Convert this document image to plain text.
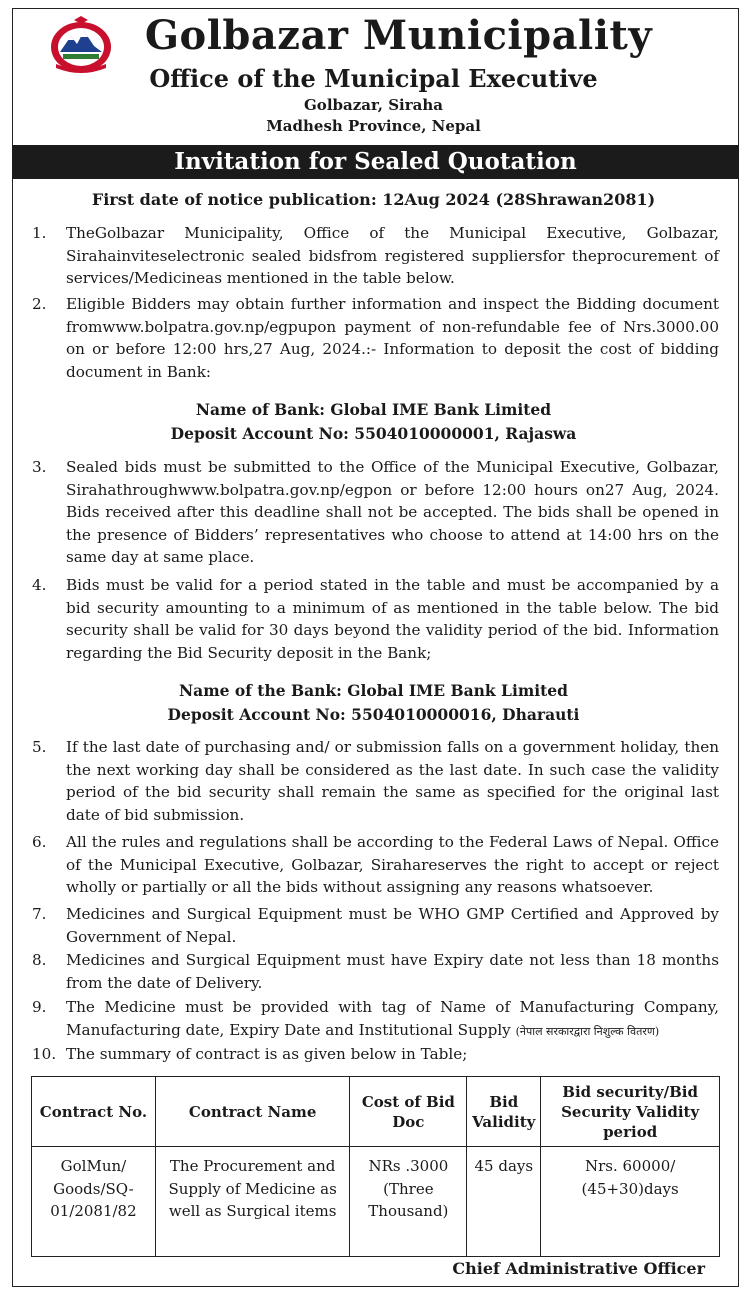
Golbazar Municipality
Office of the Municipal Executive
Golbazar, Siraha
Madhesh Province, Nepal
Invitation for Sealed Quotation
First date of notice publication: 12Aug 2024 (28Shrawan2081)
1. TheGolbazar Municipality, Office of the Municipal Executive, Golbazar, Sirahainviteselectronic sealed bidsfrom registered suppliersfor theprocurement of services/Medicineas mentioned in the table below.
2. Eligible Bidders may obtain further information and inspect the Bidding document fromwww.bolpatra.gov.np/egpupon payment of non-refundable fee of Nrs.3000.00 on or before 12:00 hrs,27 Aug, 2024.:- Information to deposit the cost of bidding document in Bank:
Name of Bank: Global IME Bank Limited
Deposit Account No: 5504010000001, Rajaswa
3. Sealed bids must be submitted to the Office of the Municipal Executive, Golbazar, Sirahathroughwww.bolpatra.gov.np/egpon or before 12:00 hours on27 Aug, 2024. Bids received after this deadline shall not be accepted. The bids shall be opened in the presence of Bidders’ representatives who choose to attend at 14:00 hrs on the same day at same place.
4. Bids must be valid for a period stated in the table and must be accompanied by a bid security amounting to a minimum of as mentioned in the table below. The bid security shall be valid for 30 days beyond the validity period of the bid. Information regarding the Bid Security deposit in the Bank;
Name of the Bank: Global IME Bank Limited
Deposit Account No: 5504010000016, Dharauti
5. If the last date of purchasing and/ or submission falls on a government holiday, then the next working day shall be considered as the last date. In such case the validity period of the bid security shall remain the same as specified for the original last date of bid submission.
6. All the rules and regulations shall be according to the Federal Laws of Nepal. Office of the Municipal Executive, Golbazar, Sirahareserves the right to accept or reject wholly or partially or all the bids without assigning any reasons whatsoever.
7. Medicines and Surgical Equipment must be WHO GMP Certified and Approved by Government of Nepal.
8. Medicines and Surgical Equipment must have Expiry date not less than 18 months from the date of Delivery.
9. The Medicine must be provided with tag of Name of Manufacturing Company, Manufacturing date, Expiry Date and Institutional Supply (नेपाल सरकारद्वारा निशुल्क वितरण)
10. The summary of contract is as given below in Table;
Contract No.	Contract Name	Cost of Bid Doc	Bid Validity	Bid security/Bid Security Validity period
GolMun/ Goods/SQ-01/2081/82	The Procurement and Supply of Medicine as well as Surgical items	NRs .3000 (Three Thousand)	45 days	Nrs. 60000/ (45+30)days
Chief Administrative Officer
